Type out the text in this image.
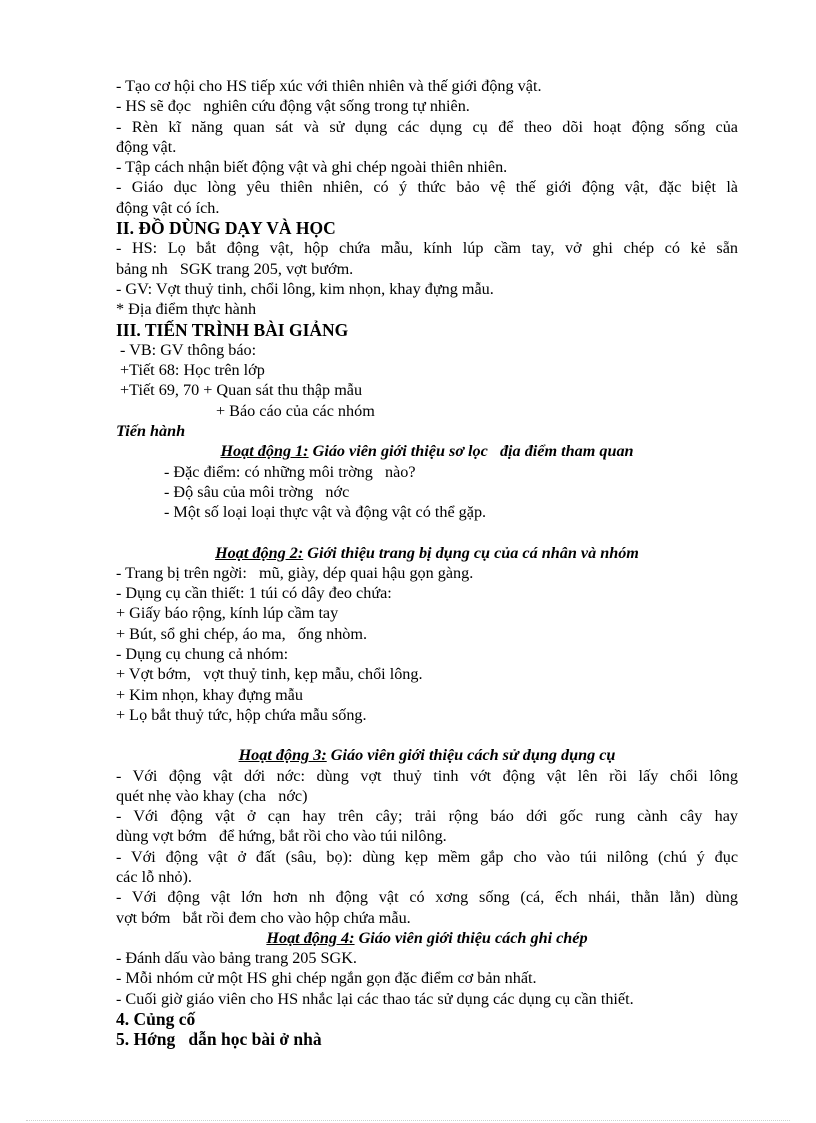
- Tạo cơ hội cho HS tiếp xúc với thiên nhiên và thế giới động vật.
- HS sẽ đọc   nghiên cứu động vật sống trong tự nhiên.
- Rèn kĩ năng quan sát và sử dụng các dụng cụ để theo dõi hoạt động sống của
động vật.
- Tập cách nhận biết động vật và ghi chép ngoài thiên nhiên.
- Giáo dục lòng yêu thiên nhiên, có ý thức bảo vệ thế giới động vật, đặc biệt là
động vật có ích.
II. ĐỒ DÙNG DẠY VÀ HỌC
- HS: Lọ bắt động vật, hộp chứa mẫu, kính lúp cầm tay, vở ghi chép có kẻ sẵn
bảng nh   SGK trang 205, vợt bướm.
- GV: Vợt thuỷ tinh, chổi lông, kim nhọn, khay đựng mẫu.
* Địa điểm thực hành
III. TIẾN TRÌNH BÀI GIẢNG
- VB: GV thông báo:
+Tiết 68: Học trên lớp
+Tiết 69, 70 + Quan sát thu thập mẫu
+ Báo cáo của các nhóm
Tiến hành
Hoạt động 1: Giáo viên giới thiệu sơ lọc   địa điểm tham quan
- Đặc điểm: có những môi trờng   nào?
- Độ sâu của môi trờng   nớc
- Một số loại loại thực vật và động vật có thể gặp.
Hoạt động 2: Giới thiệu trang bị dụng cụ của cá nhân và nhóm
- Trang bị trên ngời:   mũ, giày, dép quai hậu gọn gàng.
- Dụng cụ cần thiết: 1 túi có dây đeo chứa:
+ Giấy báo rộng, kính lúp cầm tay
+ Bút, sổ ghi chép, áo ma,   ống nhòm.
- Dụng cụ chung cả nhóm:
+ Vợt bớm,   vợt thuỷ tinh, kẹp mẫu, chổi lông.
+ Kim nhọn, khay đựng mẫu
+ Lọ bắt thuỷ tức, hộp chứa mẫu sống.
Hoạt động 3: Giáo viên giới thiệu cách sử dụng dụng cụ
- Với động vật dới nớc: dùng vợt thuỷ tinh vớt động vật lên rồi lấy chổi lông
quét nhẹ vào khay (cha   nớc)
- Với động vật ở cạn hay trên cây; trải rộng báo dới gốc rung cành cây hay
dùng vợt bớm   để hứng, bắt rồi cho vào túi nilông.
- Với động vật ở đất (sâu, bọ): dùng kẹp mềm gắp cho vào túi nilông (chú ý đục
các lỗ nhỏ).
- Với động vật lớn hơn nh động vật có xơng sống (cá, ếch nhái, thằn lằn) dùng
vợt bớm   bắt rồi đem cho vào hộp chứa mẫu.
Hoạt động 4: Giáo viên giới thiệu cách ghi chép
- Đánh dấu vào bảng trang 205 SGK.
- Mỗi nhóm cử một HS ghi chép ngắn gọn đặc điểm cơ bản nhất.
- Cuối giờ giáo viên cho HS nhắc lại các thao tác sử dụng các dụng cụ cần thiết.
4. Củng cố
5. Hớng   dẫn học bài ở nhà
